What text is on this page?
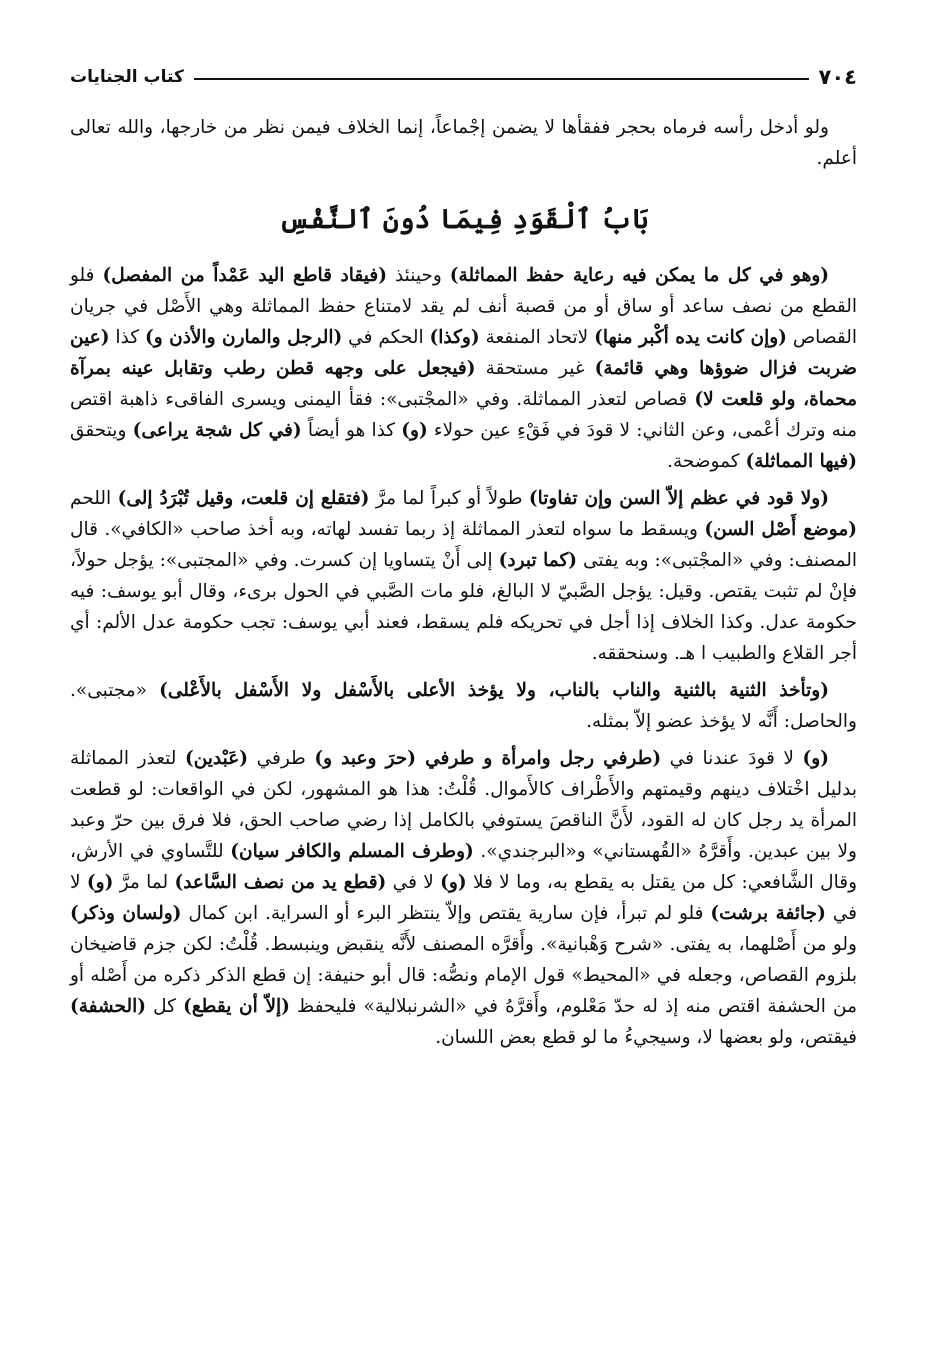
٧٠٤
كتاب الجنايات

ولو أدخل رأسه فرماه بحجر ففقأها لا يضمن إجْماعاً، إنما الخلاف فيمن نظر من خارجها، والله تعالى أعلم.

بَابُ ٱلْقَوَدِ فِيمَا دُونَ ٱلنَّفْسِ

(وهو في كل ما يمكن فيه رعاية حفظ المماثلة) وحينئذ (فيقاد قاطع اليد عَمْداً من المفصل) فلو القطع من نصف ساعد أو ساق أو من قصبة أنف لم يقد لامتناع حفظ المماثلة وهي الأَصْل في جريان القصاص (وإن كانت يده أكْبر منها) لاتحاد المنفعة (وكذا) الحكم في (الرجل والمارن والأذن و) كذا (عين ضربت فزال ضوؤها وهي قائمة) غير مستحقة (فيجعل على وجهه قطن رطب وتقابل عينه بمرآة محماة، ولو قلعت لا) قصاص لتعذر المماثلة. وفي «المجْتبى»: فقأ اليمنى ويسرى الفاقىء ذاهبة اقتص منه وترك أعْمى، وعن الثاني: لا قودَ في فَقْءِ عين حولاء (و) كذا هو أيضاً (في كل شجة يراعى) ويتحقق (فيها المماثلة) كموضحة.

(ولا قود في عظم إلاّ السن وإن تفاوتا) طولاً أو كبراً لما مرَّ (فتقلع إن قلعت، وقيل تُبْرَدُ إلى) اللحم (موضع أَصْل السن) ويسقط ما سواه لتعذر المماثلة إذ ربما تفسد لهاته، وبه أخذ صاحب «الكافي». قال المصنف: وفي «المجْتبى»: وبه يفتى (كما تبرد) إلى أَنْ يتساويا إن كسرت. وفي «المجتبى»: يؤجل حولاً، فإنْ لم تثبت يقتص. وقيل: يؤجل الصَّبيّ لا البالغ، فلو مات الصَّبي في الحول برىء، وقال أبو يوسف: فيه حكومة عدل. وكذا الخلاف إذا أجل في تحريكه فلم يسقط، فعند أبي يوسف: تجب حكومة عدل الألم: أي أجر القلاع والطبيب ا هـ. وسنحققه.

(وتأخذ الثنية بالثنية والناب بالناب، ولا يؤخذ الأعلى بالأَسْفل ولا الأَسْفل بالأَعْلى) «مجتبى». والحاصل: أَنَّه لا يؤخذ عضو إلاّ بمثله.

(و) لا قودَ عندنا في (طرفي رجل وامرأة و طرفي (حرَ وعبد و) طرفي (عَبْدين) لتعذر المماثلة بدليل اخْتلاف دينهم وقيمتهم والأَطْراف كالأَموال. قُلْتُ: هذا هو المشهور، لكن في الواقعات: لو قطعت المرأة يد رجل كان له القود، لأَنَّ الناقصَ يستوفي بالكامل إذا رضي صاحب الحق، فلا فرق بين حرّ وعبد ولا بين عبدين. وأَقرَّهُ «القُهستاني» و«البرجندي». (وطرف المسلم والكافر سيان) للتَّساوي في الأرش، وقال الشَّافعي: كل من يقتل به يقطع به، وما لا فلا (و) لا في (قطع يد من نصف السَّاعد) لما مرَّ (و) لا في (جائفة برشت) فلو لم تبرأ، فإن سارية يقتص وإلاّ ينتظر البرء أو السراية. ابن كمال (ولسان وذكر) ولو من أَصْلهما، به يفتى. «شرح وَهْبانية». وأَقرَّه المصنف لأَنَّه ينقبض وينبسط. قُلْتُ: لكن جزم قاضيخان بلزوم القصاص، وجعله في «المحيط» قول الإمام ونصُّه: قال أبو حنيفة: إن قطع الذكر ذكره من أَصْله أو من الحشفة اقتص منه إذ له حدّ مَعْلوم، وأَقرَّهُ في «الشرنبلالية» فليحفظ (إلاّ أن يقطع) كل (الحشفة) فيقتص، ولو بعضها لا، وسيجيءُ ما لو قطع بعض اللسان.
